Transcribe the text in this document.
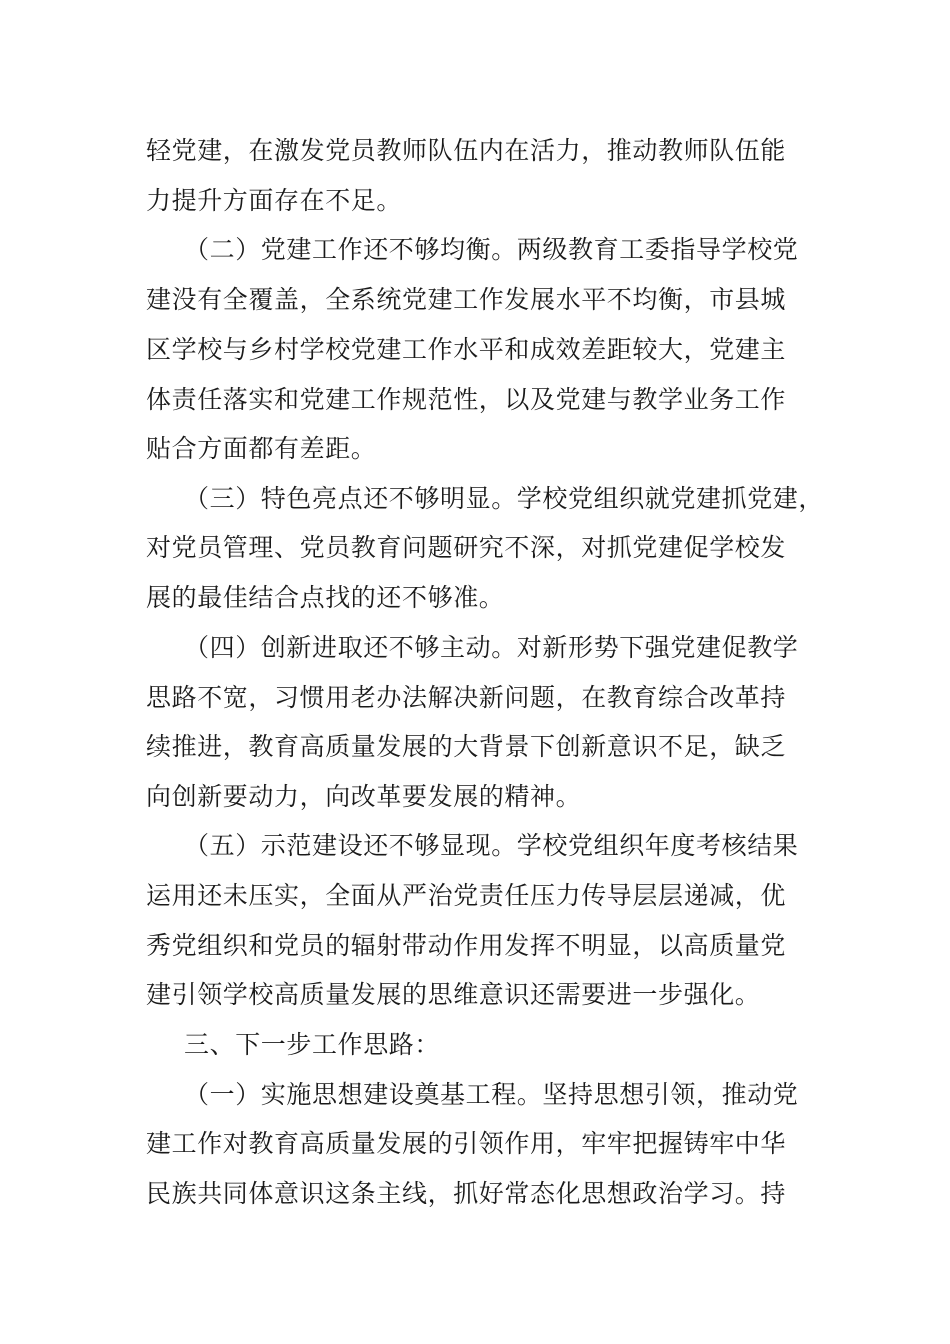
轻党建，在激发党员教师队伍内在活力，推动教师队伍能
力提升方面存在不足。
（二）党建工作还不够均衡。两级教育工委指导学校党
建没有全覆盖，全系统党建工作发展水平不均衡，市县城
区学校与乡村学校党建工作水平和成效差距较大，党建主
体责任落实和党建工作规范性，以及党建与教学业务工作
贴合方面都有差距。
（三）特色亮点还不够明显。学校党组织就党建抓党建，
对党员管理、党员教育问题研究不深，对抓党建促学校发
展的最佳结合点找的还不够准。
（四）创新进取还不够主动。对新形势下强党建促教学
思路不宽，习惯用老办法解决新问题，在教育综合改革持
续推进，教育高质量发展的大背景下创新意识不足，缺乏
向创新要动力，向改革要发展的精神。
（五）示范建设还不够显现。学校党组织年度考核结果
运用还未压实，全面从严治党责任压力传导层层递减，优
秀党组织和党员的辐射带动作用发挥不明显，以高质量党
建引领学校高质量发展的思维意识还需要进一步强化。
三、下一步工作思路：
（一）实施思想建设奠基工程。坚持思想引领，推动党
建工作对教育高质量发展的引领作用，牢牢把握铸牢中华
民族共同体意识这条主线，抓好常态化思想政治学习。持
